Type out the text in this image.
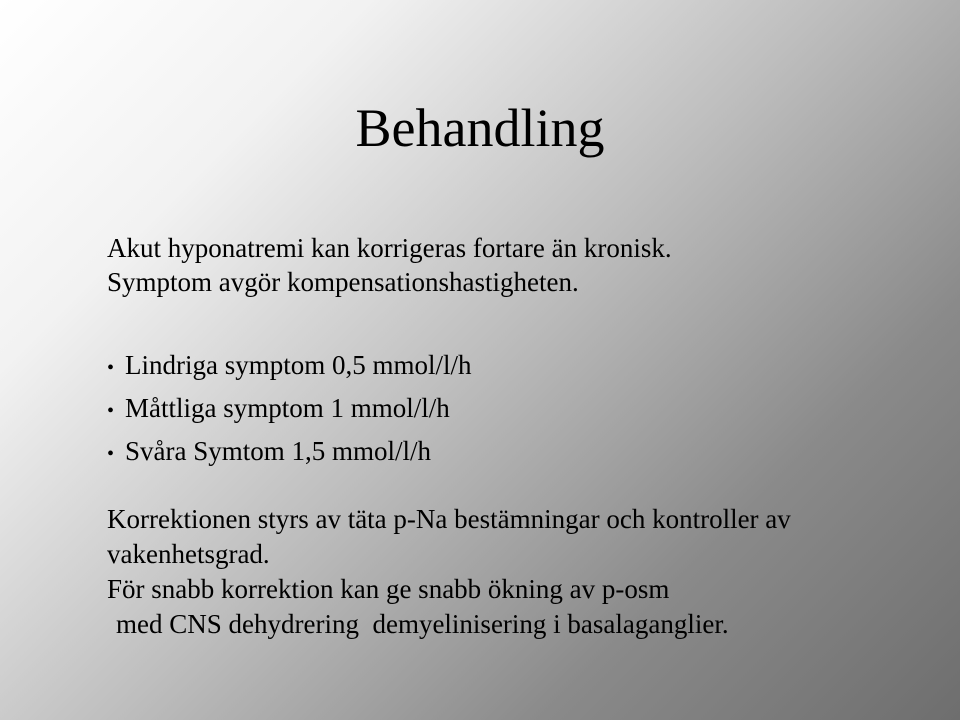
Behandling
Akut hyponatremi kan korrigeras fortare än kronisk.
Symptom avgör kompensationshastigheten.
• Lindriga symptom 0,5 mmol/l/h
• Måttliga symptom 1 mmol/l/h
• Svåra Symtom 1,5 mmol/l/h
Korrektionen styrs av täta p-Na bestämningar och kontroller av
vakenhetsgrad.
För snabb korrektion kan ge snabb ökning av p-osm
med CNS dehydrering  demyelinisering i basalaganglier.
